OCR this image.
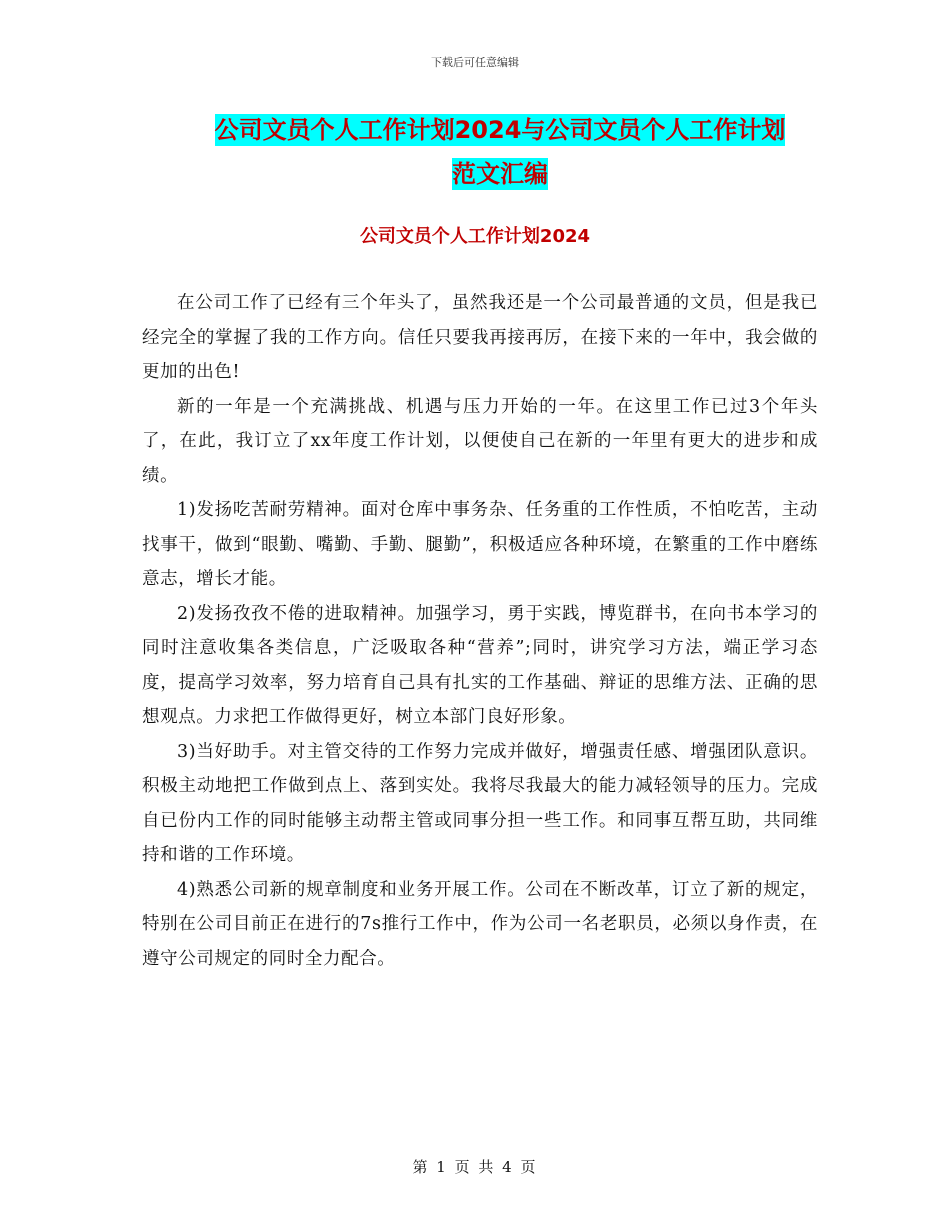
下载后可任意编辑
公司文员个人工作计划2024与公司文员个人工作计划
范文汇编
公司文员个人工作计划2024

在公司工作了已经有三个年头了，虽然我还是一个公司最普通的文员，但是我已经完全的掌握了我的工作方向。信任只要我再接再厉，在接下来的一年中，我会做的更加的出色!

新的一年是一个充满挑战、机遇与压力开始的一年。在这里工作已过3个年头了，在此，我订立了xx年度工作计划，以便使自己在新的一年里有更大的进步和成绩。

1)发扬吃苦耐劳精神。面对仓库中事务杂、任务重的工作性质，不怕吃苦，主动找事干，做到“眼勤、嘴勤、手勤、腿勤”，积极适应各种环境，在繁重的工作中磨练意志，增长才能。

2)发扬孜孜不倦的进取精神。加强学习，勇于实践，博览群书，在向书本学习的同时注意收集各类信息，广泛吸取各种“营养”;同时，讲究学习方法，端正学习态度，提高学习效率，努力培育自己具有扎实的工作基础、辩证的思维方法、正确的思想观点。力求把工作做得更好，树立本部门良好形象。

3)当好助手。对主管交待的工作努力完成并做好，增强责任感、增强团队意识。积极主动地把工作做到点上、落到实处。我将尽我最大的能力减轻领导的压力。完成自已份内工作的同时能够主动帮主管或同事分担一些工作。和同事互帮互助，共同维持和谐的工作环境。

4)熟悉公司新的规章制度和业务开展工作。公司在不断改革，订立了新的规定，特别在公司目前正在进行的7s推行工作中，作为公司一名老职员，必须以身作责，在遵守公司规定的同时全力配合。

第 1 页 共 4 页
